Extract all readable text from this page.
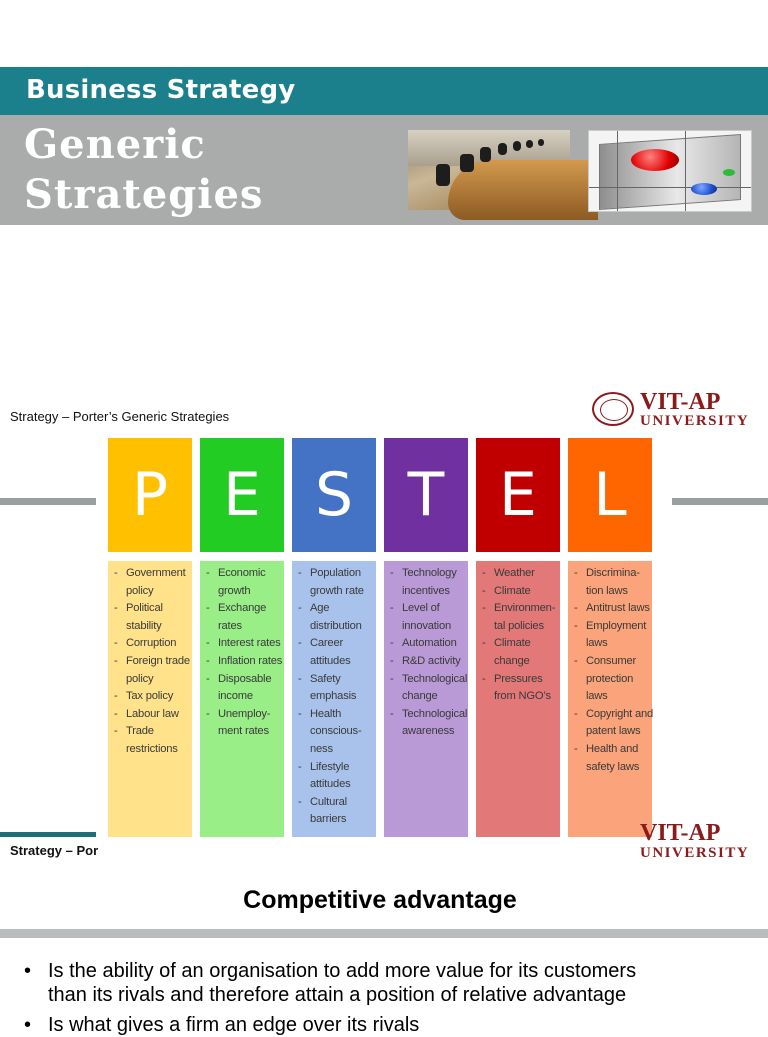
Business Strategy
Generic
Strategies
Strategy – Porter’s Generic Strategies
VIT-AP
UNIVERSITY
P
- Government
policy
- Political
stability
- Corruption
- Foreign trade
policy
- Tax policy
- Labour law
- Trade
restrictions
E
- Economic
growth
- Exchange
rates
- Interest rates
- Inflation rates
- Disposable
income
- Unemploy-
ment rates
S
- Population
growth rate
- Age
distribution
- Career
attitudes
- Safety
emphasis
- Health
conscious-
ness
- Lifestyle
attitudes
- Cultural
barriers
T
- Technology
incentives
- Level of
innovation
- Automation
- R&D activity
- Technological
change
- Technological
awareness
E
- Weather
- Climate
- Environmen-
tal policies
- Climate
change
- Pressures
from NGO’s
L
- Discrimina-
tion laws
- Antitrust laws
- Employment
laws
- Consumer
protection
laws
- Copyright and
patent laws
- Health and
safety laws
Strategy – Por
VIT-AP
UNIVERSITY
Competitive advantage
• Is the ability of an organisation to add more value for its customers
than its rivals and therefore attain a position of relative advantage
• Is what gives a firm an edge over its rivals
